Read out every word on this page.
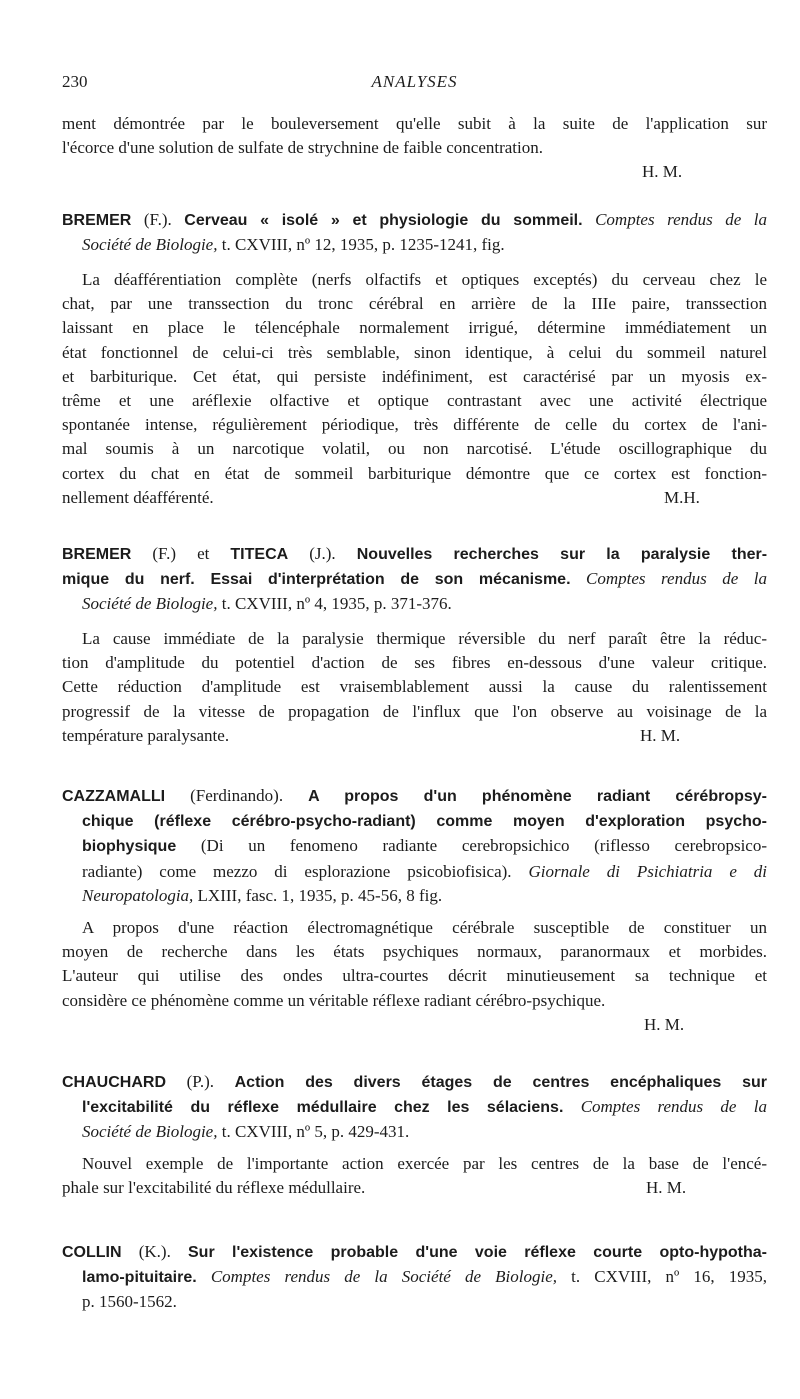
230	ANALYSES
ment démontrée par le bouleversement qu'elle subit à la suite de l'application sur
l'écorce d'une solution de sulfate de strychnine de faible concentration.
H. M.
BREMER (F.). Cerveau « isolé » et physiologie du sommeil. Comptes rendus de la
Société de Biologie, t. CXVIII, nº 12, 1935, p. 1235-1241, fig.
La déafférentiation complète (nerfs olfactifs et optiques exceptés) du cerveau chez le
chat, par une transsection du tronc cérébral en arrière de la IIIe paire, transsection
laissant en place le télencéphale normalement irrigué, détermine immédiatement un
état fonctionnel de celui-ci très semblable, sinon identique, à celui du sommeil naturel
et barbiturique. Cet état, qui persiste indéfiniment, est caractérisé par un myosis ex-
trême et une aréflexie olfactive et optique contrastant avec une activité électrique
spontanée intense, régulièrement périodique, très différente de celle du cortex de l'ani-
mal soumis à un narcotique volatil, ou non narcotisé. L'étude oscillographique du
cortex du chat en état de sommeil barbiturique démontre que ce cortex est fonction-
nellement déafférenté.	M.H.
BREMER (F.) et TITECA (J.). Nouvelles recherches sur la paralysie ther-
mique du nerf. Essai d'interprétation de son mécanisme. Comptes rendus de la
Société de Biologie, t. CXVIII, nº 4, 1935, p. 371-376.
La cause immédiate de la paralysie thermique réversible du nerf paraît être la réduc-
tion d'amplitude du potentiel d'action de ses fibres en-dessous d'une valeur critique.
Cette réduction d'amplitude est vraisemblablement aussi la cause du ralentissement
progressif de la vitesse de propagation de l'influx que l'on observe au voisinage de la
température paralysante.	H. M.
CAZZAMALLI (Ferdinando). A propos d'un phénomène radiant cérébropsy-
chique (réflexe cérébro-psycho-radiant) comme moyen d'exploration psycho-
biophysique (Di un fenomeno radiante cerebropsichico (riflesso cerebropsico-
radiante) come mezzo di esplorazione psicobiofisica). Giornale di Psichiatria e di
Neuropatologia, LXIII, fasc. 1, 1935, p. 45-56, 8 fig.
A propos d'une réaction électromagnétique cérébrale susceptible de constituer un
moyen de recherche dans les états psychiques normaux, paranormaux et morbides.
L'auteur qui utilise des ondes ultra-courtes décrit minutieusement sa technique et
considère ce phénomène comme un véritable réflexe radiant cérébro-psychique.
H. M.
CHAUCHARD (P.). Action des divers étages de centres encéphaliques sur
l'excitabilité du réflexe médullaire chez les sélaciens. Comptes rendus de la
Société de Biologie, t. CXVIII, nº 5, p. 429-431.
Nouvel exemple de l'importante action exercée par les centres de la base de l'encé-
phale sur l'excitabilité du réflexe médullaire.	H. M.
COLLIN (K.). Sur l'existence probable d'une voie réflexe courte opto-hypotha-
lamo-pituitaire. Comptes rendus de la Société de Biologie, t. CXVIII, nº 16, 1935,
p. 1560-1562.
